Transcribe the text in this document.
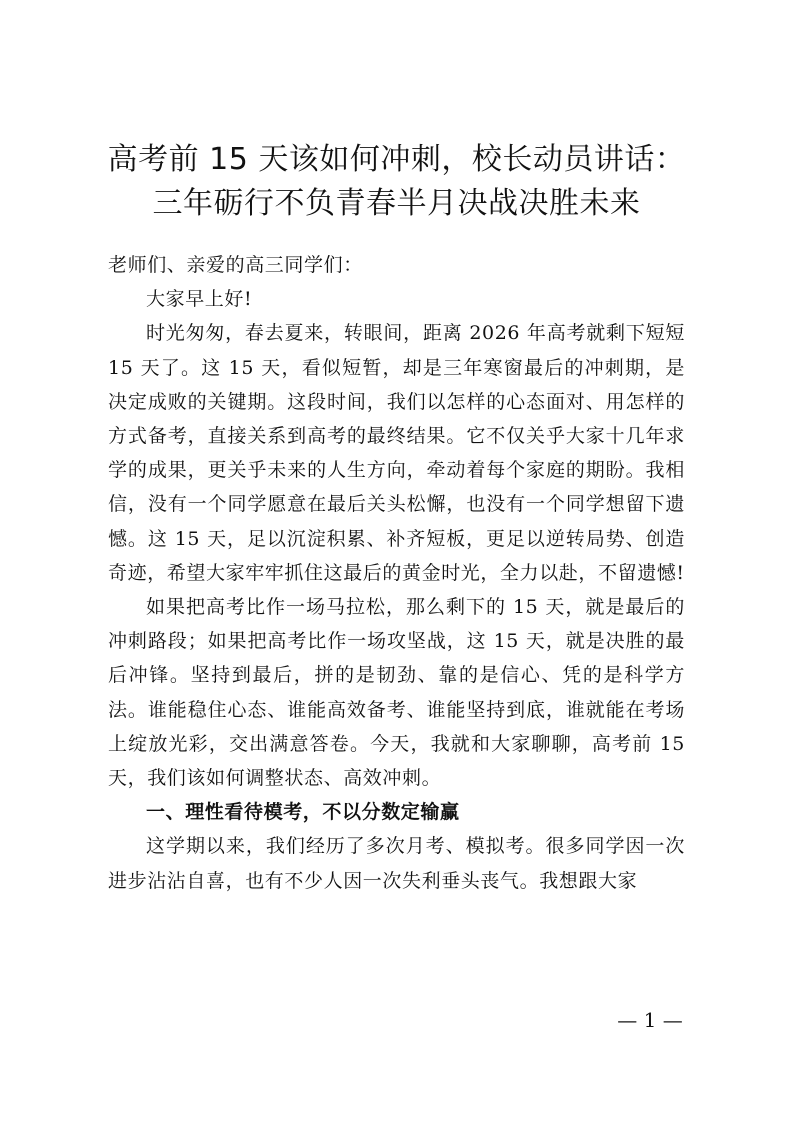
高考前 15 天该如何冲刺，校长动员讲话：
三年砺行不负青春半月决战决胜未来

老师们、亲爱的高三同学们：

大家早上好!

时光匆匆，春去夏来，转眼间，距离 2026 年高考就剩下短短 15 天了。这 15 天，看似短暂，却是三年寒窗最后的冲刺期，是决定成败的关键期。这段时间，我们以怎样的心态面对、用怎样的方式备考，直接关系到高考的最终结果。它不仅关乎大家十几年求学的成果，更关乎未来的人生方向，牵动着每个家庭的期盼。我相信，没有一个同学愿意在最后关头松懈，也没有一个同学想留下遗憾。这 15 天，足以沉淀积累、补齐短板，更足以逆转局势、创造奇迹，希望大家牢牢抓住这最后的黄金时光，全力以赴，不留遗憾!

如果把高考比作一场马拉松，那么剩下的 15 天，就是最后的冲刺路段；如果把高考比作一场攻坚战，这 15 天，就是决胜的最后冲锋。坚持到最后，拼的是韧劲、靠的是信心、凭的是科学方法。谁能稳住心态、谁能高效备考、谁能坚持到底，谁就能在考场上绽放光彩，交出满意答卷。今天，我就和大家聊聊，高考前 15 天，我们该如何调整状态、高效冲刺。

一、理性看待模考，不以分数定输赢

这学期以来，我们经历了多次月考、模拟考。很多同学因一次进步沾沾自喜，也有不少人因一次失利垂头丧气。我想跟大家

— 1 —
